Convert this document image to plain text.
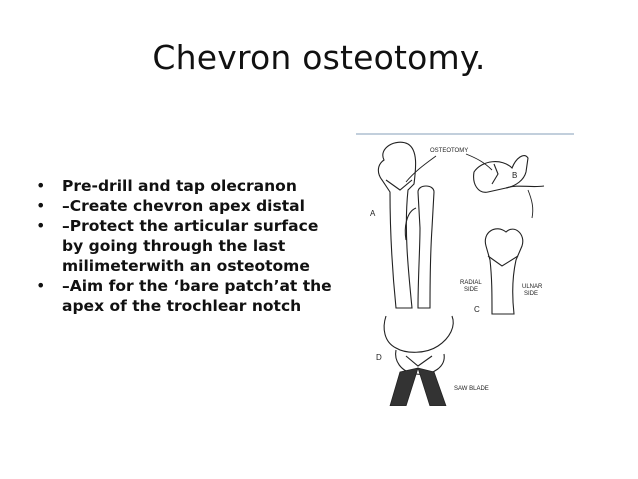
Chevron osteotomy.
• Pre-drill and tap olecranon
• –Create chevron apex distal
• –Protect the articular surface by going through the last milimeterwith an osteotome
• –Aim for the ‘bare patch’at the apex of the trochlear notch
A
B
OSTEOTOMY
RADIAL
SIDE	ULNAR
SIDE
C
D
SAW BLADE
